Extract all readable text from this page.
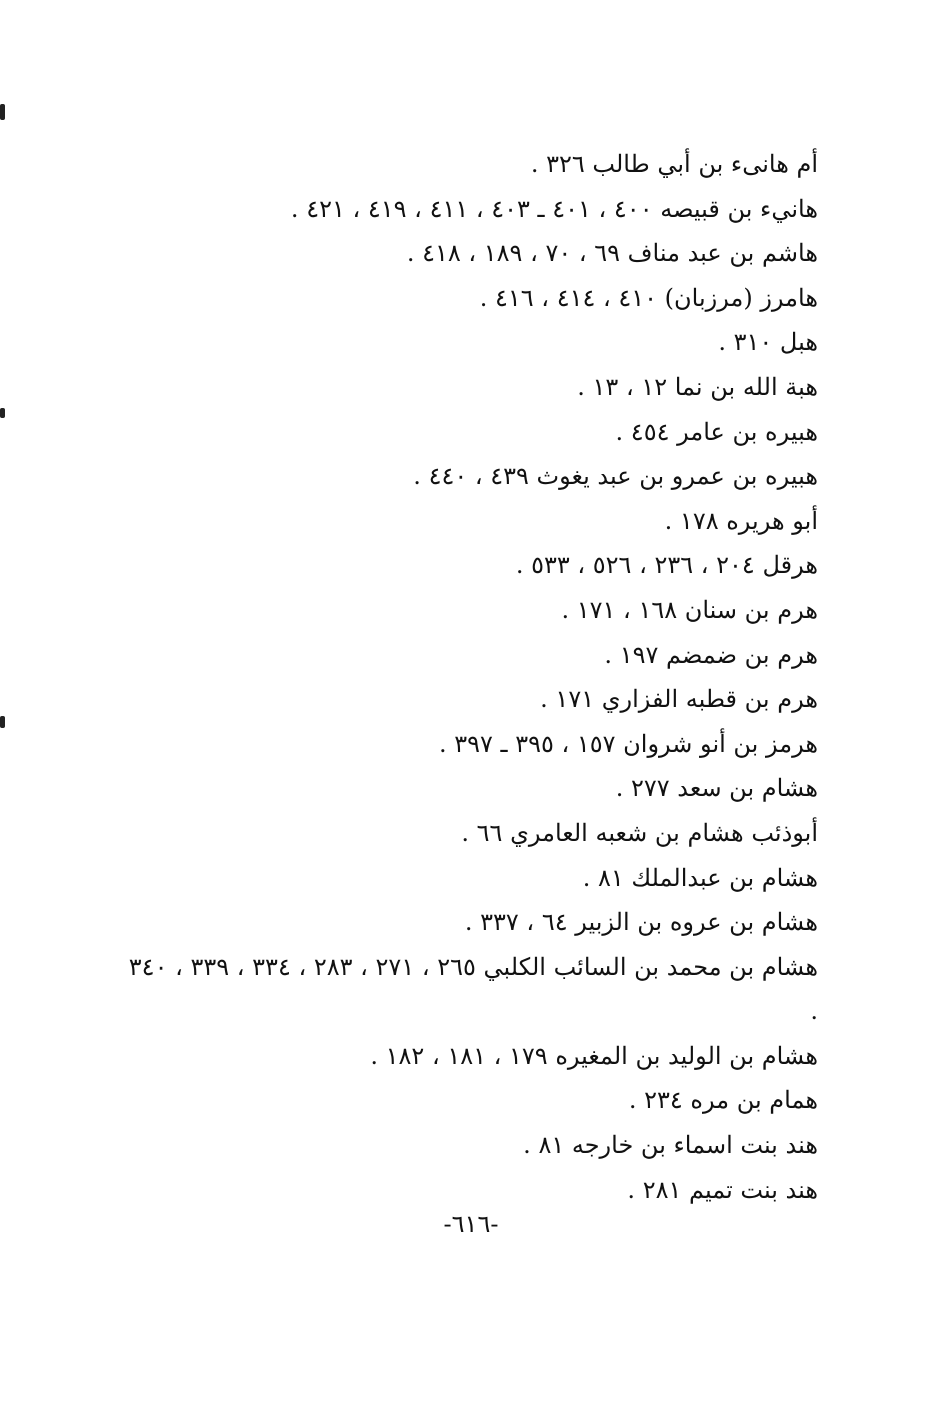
أم هانىء بن أبي طالب ٣٢٦ .
هانيء بن قبيصه ٤٠٠ ، ٤٠١ ـ ٤٠٣ ، ٤١١ ، ٤١٩ ، ٤٢١ .
هاشم بن عبد مناف ٦٩ ، ٧٠ ، ١٨٩ ، ٤١٨ .
هامرز (مرزبان) ٤١٠ ، ٤١٤ ، ٤١٦ .
هبل ٣١٠ .
هبة الله بن نما ١٢ ، ١٣ .
هبيره بن عامر ٤٥٤ .
هبيره بن عمرو بن عبد يغوث ٤٣٩ ، ٤٤٠ .
أبو هريره ١٧٨ .
هرقل ٢٠٤ ، ٢٣٦ ، ٥٢٦ ، ٥٣٣ .
هرم بن سنان ١٦٨ ، ١٧١ .
هرم بن ضمضم ١٩٧ .
هرم بن قطبه الفزاري ١٧١ .
هرمز بن أنو شروان ١٥٧ ، ٣٩٥ ـ ٣٩٧ .
هشام بن سعد ٢٧٧ .
أبوذئب هشام بن شعبه العامري ٦٦ .
هشام بن عبدالملك ٨١ .
هشام بن عروه بن الزبير ٦٤ ، ٣٣٧ .
هشام بن محمد بن السائب الكلبي ٢٦٥ ، ٢٧١ ، ٢٨٣ ، ٣٣٤ ، ٣٣٩ ، ٣٤٠ .
هشام بن الوليد بن المغيره ١٧٩ ، ١٨١ ، ١٨٢ .
همام بن مره ٢٣٤ .
هند بنت اسماء بن خارجه ٨١ .
هند بنت تميم ٢٨١ .
-٦١٦-
